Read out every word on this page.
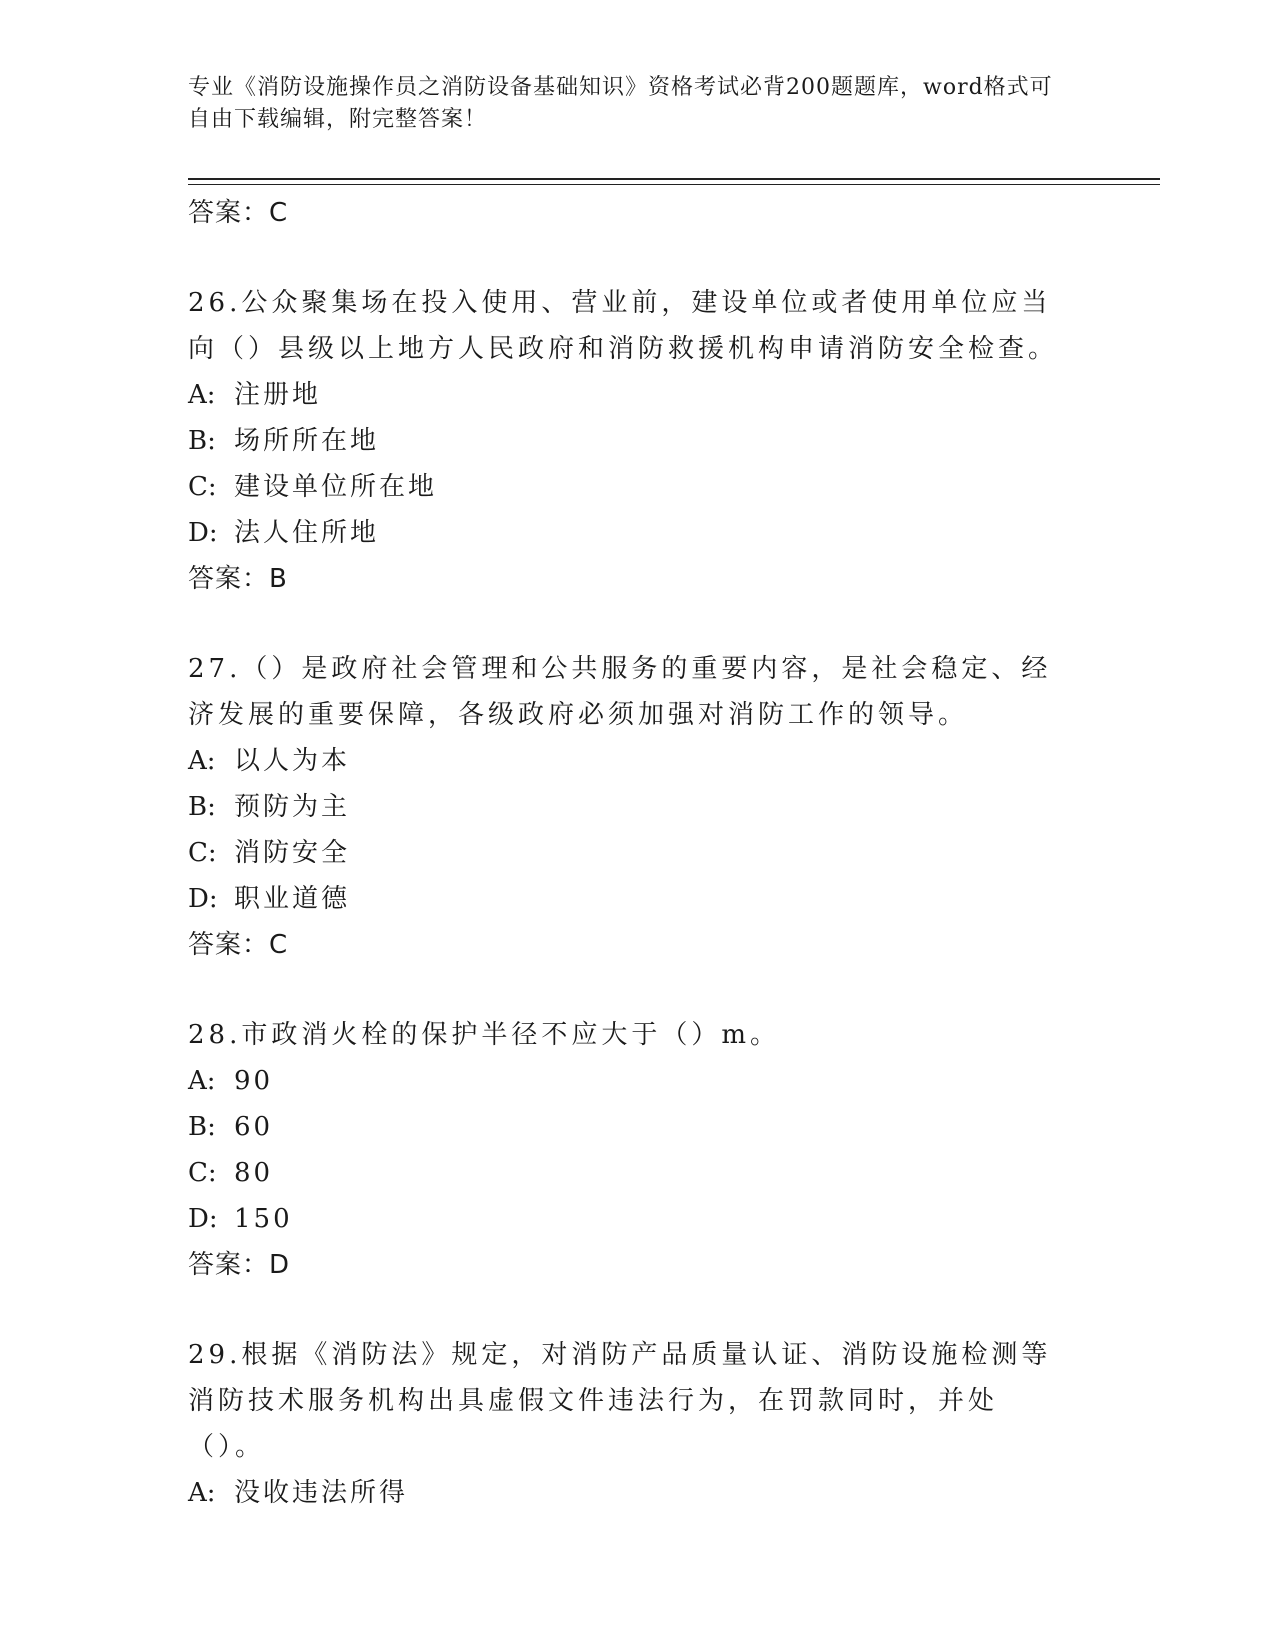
专业《消防设施操作员之消防设备基础知识》资格考试必背200题题库，word格式可自由下载编辑，附完整答案！
答案：C
26.公众聚集场在投入使用、营业前，建设单位或者使用单位应当向（）县级以上地方人民政府和消防救援机构申请消防安全检查。
A: 注册地
B: 场所所在地
C: 建设单位所在地
D: 法人住所地
答案：B
27.（）是政府社会管理和公共服务的重要内容，是社会稳定、经济发展的重要保障，各级政府必须加强对消防工作的领导。
A: 以人为本
B: 预防为主
C: 消防安全
D: 职业道德
答案：C
28.市政消火栓的保护半径不应大于（）m。
A: 90
B: 60
C: 80
D: 150
答案：D
29.根据《消防法》规定，对消防产品质量认证、消防设施检测等消防技术服务机构出具虚假文件违法行为，在罚款同时，并处（）。
A: 没收违法所得
